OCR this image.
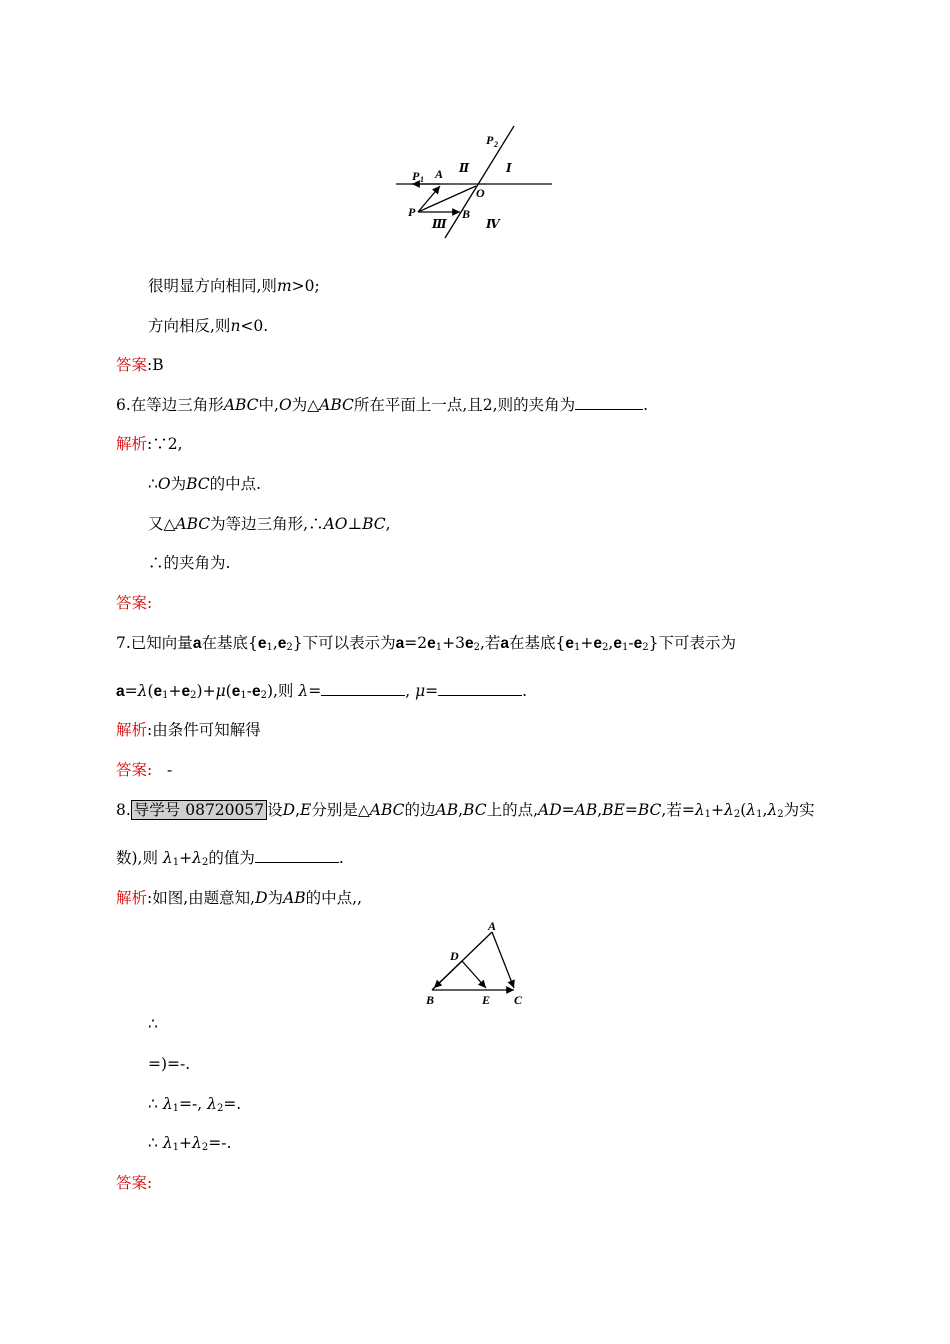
P 2
Ⅰ
Ⅱ
P 1 A
O
P	B
Ⅲ	Ⅳ
很明显方向相同,则m>0;
方向相反,则n<0.
答案:B
6.在等边三角形ABC中,O为△ABC所在平面上一点,且2,则的夹角为	.
解析:∵2,
∴O为BC的中点.
又△ABC为等边三角形,∴AO⊥BC,
∴的夹角为.
答案:
7.已知向量a在基底$\{e_1,e_2\}$下可以表示为$a=2e_1+3e_2$,若a在基底$\{e_1+e_2,e_1-e_2\}$下可表示为
$a=\lambda(e_1+e_2)+\mu(e_1-e_2)$,则 λ=	, μ=	.
解析:由条件可知解得
答案: -
8. 导学号 08720057 设D,E分别是△ABC的边AB,BC上的点,AD=AB,BE=BC,若$=\lambda_1+\lambda_2(\lambda_1,\lambda_2$为实
数),则 $\lambda_1+\lambda_2$的值为	.
解析:如图,由题意知,D为AB的中点,,
A
D
B	E C
∴
=)=-.
∴ $\lambda_1=-$, $\lambda_2=$.
∴ $\lambda_1+\lambda_2=-$.
答案:
